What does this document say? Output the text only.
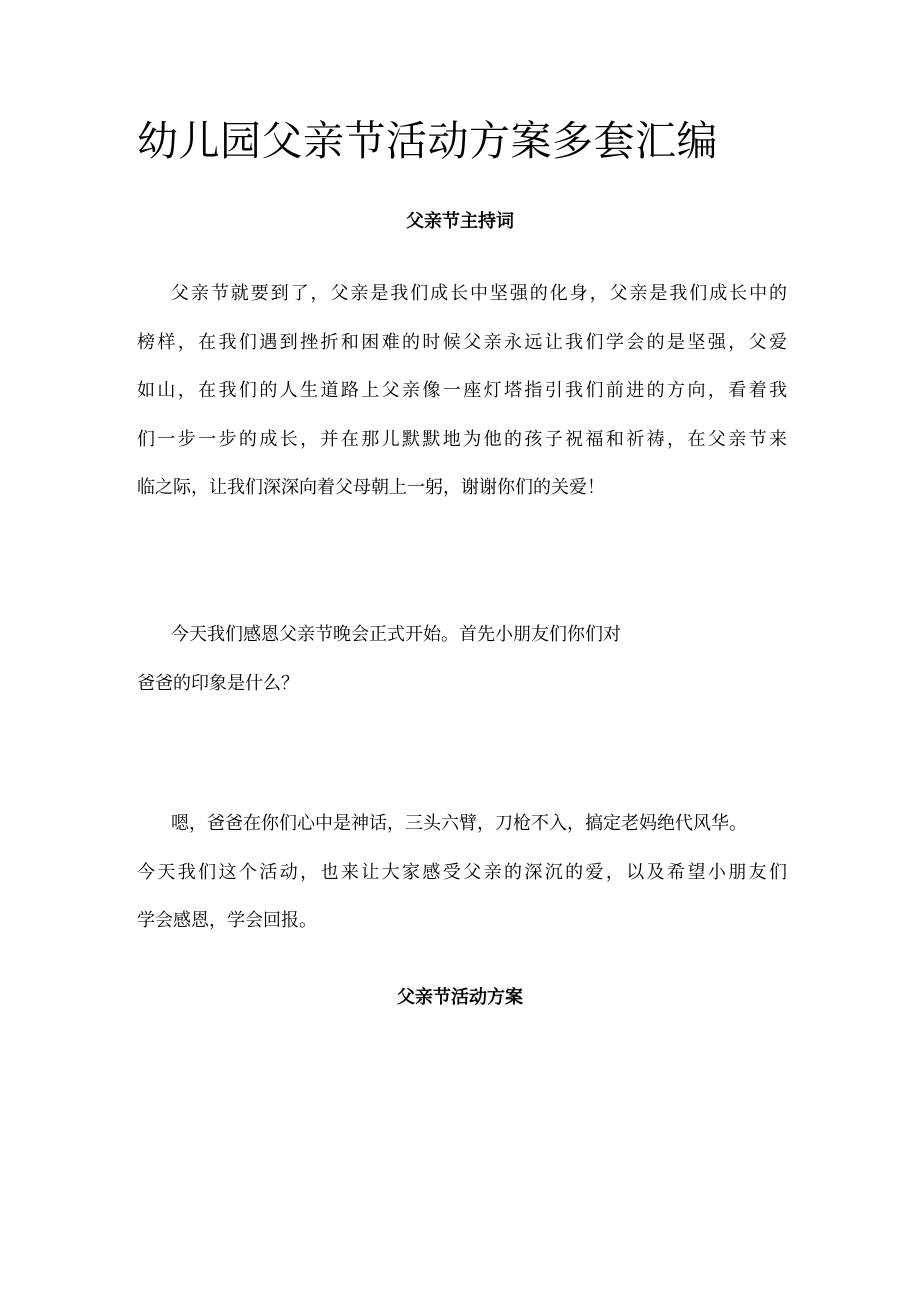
幼儿园父亲节活动方案多套汇编
父亲节主持词

父亲节就要到了，父亲是我们成长中坚强的化身，父亲是我们成长中的
榜样，在我们遇到挫折和困难的时候父亲永远让我们学会的是坚强，父爱
如山，在我们的人生道路上父亲像一座灯塔指引我们前进的方向，看着我
们一步一步的成长，并在那儿默默地为他的孩子祝福和祈祷，在父亲节来
临之际，让我们深深向着父母朝上一躬，谢谢你们的关爱！

今天我们感恩父亲节晚会正式开始。首先小朋友们你们对
爸爸的印象是什么？

嗯，爸爸在你们心中是神话，三头六臂，刀枪不入，搞定老妈绝代风华。
今天我们这个活动，也来让大家感受父亲的深沉的爱，以及希望小朋友们
学会感恩，学会回报。

父亲节活动方案
